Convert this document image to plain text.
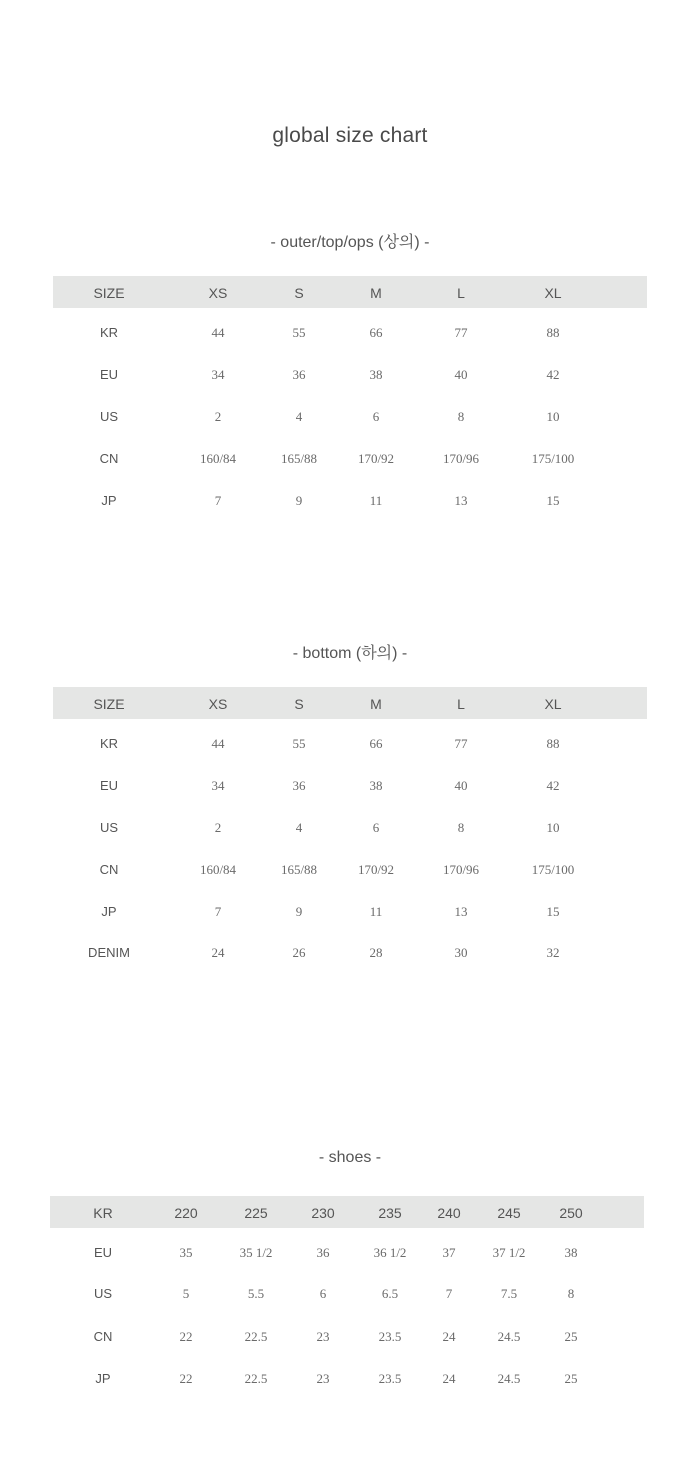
global size chart
- outer/top/ops (상의) -
SIZE	XS	S	M	L	XL
KR	44	55	66	77	88
EU	34	36	38	40	42
US	2	4	6	8	10
CN	160/84	165/88	170/92	170/96	175/100
JP	7	9	11	13	15
- bottom (하의) -
SIZE	XS	S	M	L	XL
KR	44	55	66	77	88
EU	34	36	38	40	42
US	2	4	6	8	10
CN	160/84	165/88	170/92	170/96	175/100
JP	7	9	11	13	15
DENIM	24	26	28	30	32
- shoes -
KR	220	225	230	235	240	245	250
EU	35	35 1/2	36	36 1/2	37	37 1/2	38
US	5	5.5	6	6.5	7	7.5	8
CN	22	22.5	23	23.5	24	24.5	25
JP	22	22.5	23	23.5	24	24.5	25
